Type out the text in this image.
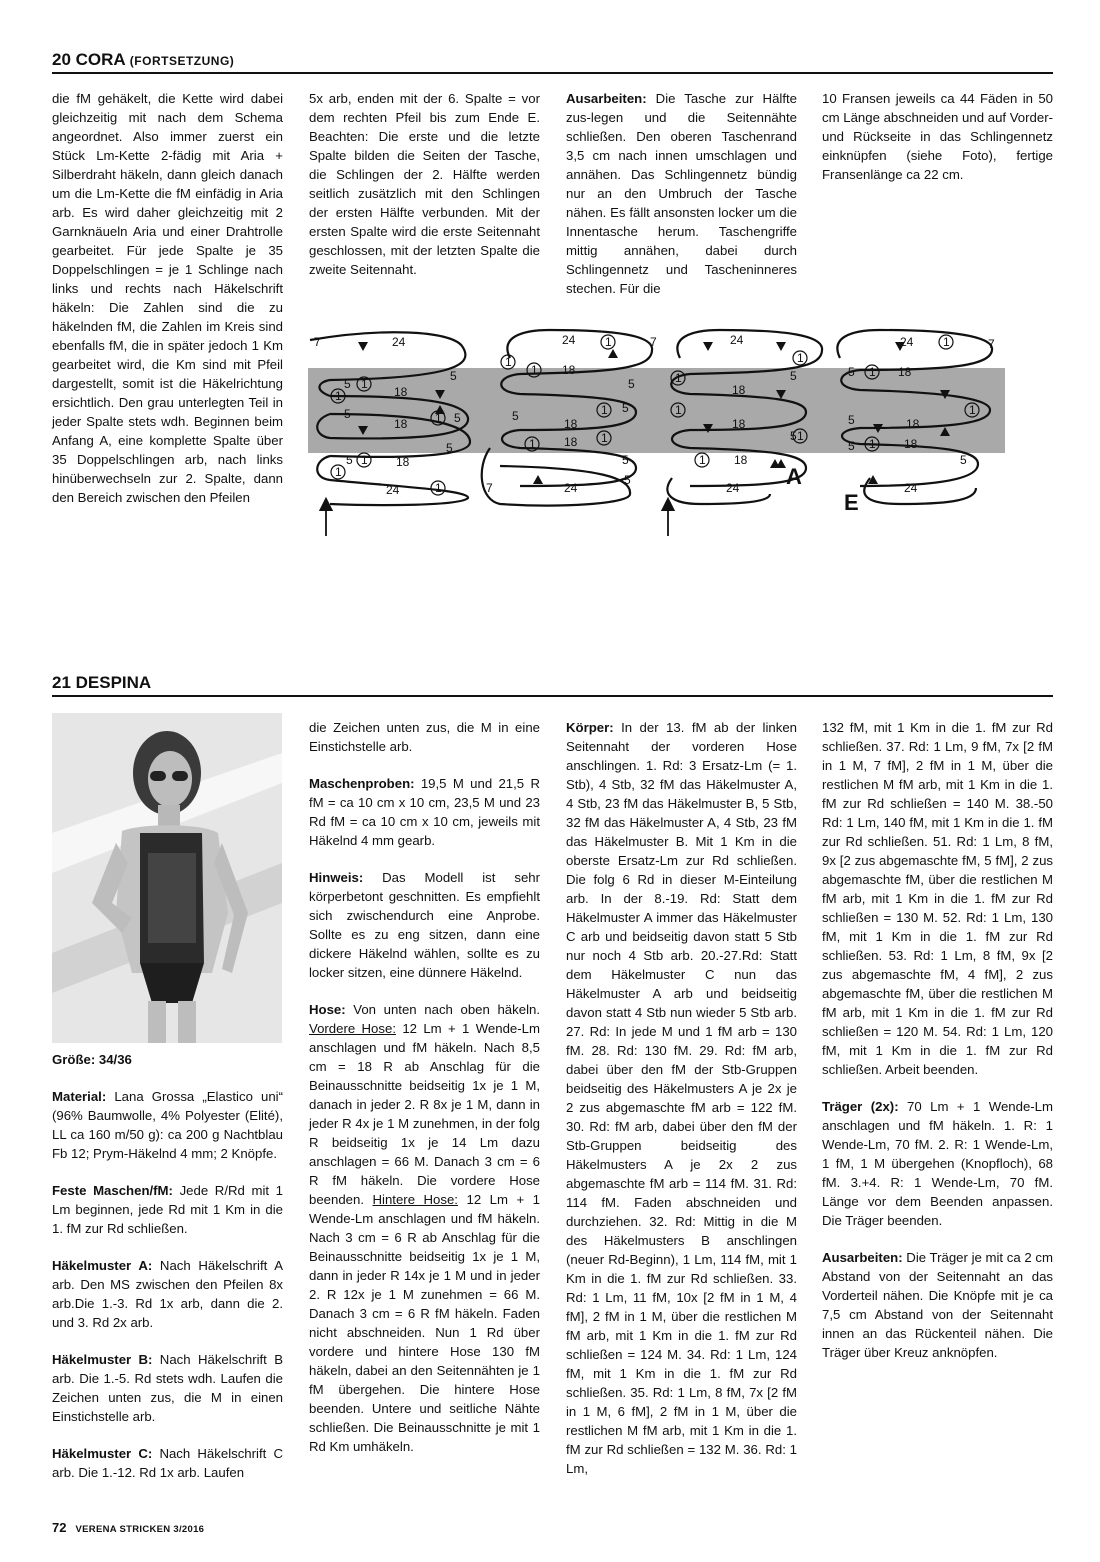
20 CORA (FORTSETZUNG)

die fM gehäkelt, die Kette wird dabei gleichzeitig mit nach dem Schema angeordnet. Also immer zuerst ein Stück Lm-Kette 2-fädig mit Aria + Silberdraht häkeln, dann gleich danach um die Lm-Kette die fM einfädig in Aria arb. Es wird daher gleichzeitig mit 2 Garnknäueln Aria und einer Drahtrolle gearbeitet. Für jede Spalte je 35 Doppelschlingen = je 1 Schlinge nach links und rechts nach Häkelschrift häkeln: Die Zahlen sind die zu häkelnden fM, die Zahlen im Kreis sind ebenfalls fM, die in später jedoch 1 Km gearbeitet wird, die Km sind mit Pfeil dargestellt, somit ist die Häkelrichtung ersichtlich. Den grau unterlegten Teil in jeder Spalte stets wdh. Beginnen beim Anfang A, eine komplette Spalte über 35 Doppelschlingen arb, nach links hinüberwechseln zur 2. Spalte, dann den Bereich zwischen den Pfeilen

5x arb, enden mit der 6. Spalte = vor dem rechten Pfeil bis zum Ende E. Beachten: Die erste und die letzte Spalte bilden die Seiten der Tasche, die Schlingen der 2. Hälfte werden seitlich zusätzlich mit den Schlingen der ersten Hälfte verbunden. Mit der ersten Spalte wird die erste Seitennaht geschlossen, mit der letzten Spalte die zweite Seitennaht.

Ausarbeiten: Die Tasche zur Hälfte zus-legen und die Seitennähte schließen. Den oberen Taschenrand 3,5 cm nach innen umschlagen und annähen. Das Schlingennetz bündig nur an den Umbruch der Tasche nähen. Es fällt ansonsten locker um die Innentasche herum. Taschengriffe mittig annähen, dabei durch Schlingennetz und Tascheninneres stechen. Für die

10 Fransen jeweils ca 44 Fäden in 50 cm Länge abschneiden und auf Vorder- und Rückseite in das Schlingennetz einknüpfen (siehe Foto), fertige Fransenlänge ca 22 cm.

7	24
5
5
18
5
18	5
5
5	18
24	7	24
5
5
24	7	24
18
5
5
5
18
18
18
5
18
5
18
24
24	7
18
5
5	18
5	18
5
24
1
1
1
1
1
1
1
1
1
1
1	1
1
1
1
1
1
1
1
1
1
A
E
21 DESPINA

Größe: 34/36

Material: Lana Grossa „Elastico uni“ (96% Baumwolle, 4% Polyester (Elité), LL ca 160 m/50 g): ca 200 g Nachtblau Fb 12; Prym-Häkelnd 4 mm; 2 Knöpfe.

Feste Maschen/fM: Jede R/Rd mit 1 Lm beginnen, jede Rd mit 1 Km in die 1. fM zur Rd schließen.

Häkelmuster A: Nach Häkelschrift A arb. Den MS zwischen den Pfeilen 8x arb.Die 1.-3. Rd 1x arb, dann die 2. und 3. Rd 2x arb.

Häkelmuster B: Nach Häkelschrift B arb. Die 1.-5. Rd stets wdh. Laufen die Zeichen unten zus, die M in einen Einstichstelle arb.

Häkelmuster C: Nach Häkelschrift C arb. Die 1.-12. Rd 1x arb. Laufen

die Zeichen unten zus, die M in eine Einstichstelle arb.

Maschenproben: 19,5 M und 21,5 R fM = ca 10 cm x 10 cm, 23,5 M und 23 Rd fM = ca 10 cm x 10 cm, jeweils mit Häkelnd 4 mm gearb.

Hinweis: Das Modell ist sehr körperbetont geschnitten. Es empfiehlt sich zwischendurch eine Anprobe. Sollte es zu eng sitzen, dann eine dickere Häkelnd wählen, sollte es zu locker sitzen, eine dünnere Häkelnd.

Hose: Von unten nach oben häkeln. Vordere Hose: 12 Lm + 1 Wende-Lm anschlagen und fM häkeln. Nach 8,5 cm = 18 R ab Anschlag für die Beinausschnitte beidseitig 1x je 1 M, danach in jeder 2. R 8x je 1 M, dann in jeder R 4x je 1 M zunehmen, in der folg R beidseitig 1x je 14 Lm dazu anschlagen = 66 M. Danach 3 cm = 6 R fM häkeln. Die vordere Hose beenden. Hintere Hose: 12 Lm + 1 Wende-Lm anschlagen und fM häkeln. Nach 3 cm = 6 R ab Anschlag für die Beinausschnitte beidseitig 1x je 1 M, dann in jeder R 14x je 1 M und in jeder 2. R 12x je 1 M zunehmen = 66 M. Danach 3 cm = 6 R fM häkeln. Faden nicht abschneiden. Nun 1 Rd über vordere und hintere Hose 130 fM häkeln, dabei an den Seitennähten je 1 fM übergehen. Die hintere Hose beenden. Untere und seitliche Nähte schließen. Die Beinausschnitte je mit 1 Rd Km umhäkeln.

Körper: In der 13. fM ab der linken Seitennaht der vorderen Hose anschlingen. 1. Rd: 3 Ersatz-Lm (= 1. Stb), 4 Stb, 32 fM das Häkelmuster A, 4 Stb, 23 fM das Häkelmuster B, 5 Stb, 32 fM das Häkelmuster A, 4 Stb, 23 fM das Häkelmuster B. Mit 1 Km in die oberste Ersatz-Lm zur Rd schließen. Die folg 6 Rd in dieser M-Einteilung arb. In der 8.-19. Rd: Statt dem Häkelmuster A immer das Häkelmuster C arb und beidseitig davon statt 5 Stb nur noch 4 Stb arb. 20.-27.Rd: Statt dem Häkelmuster C nun das Häkelmuster A arb und beidseitig davon statt 4 Stb nun wieder 5 Stb arb. 27. Rd: In jede M und 1 fM arb = 130 fM. 28. Rd: 130 fM. 29. Rd: fM arb, dabei über den fM der Stb-Gruppen beidseitig des Häkelmusters A je 2x je 2 zus abgemaschte fM arb = 122 fM. 30. Rd: fM arb, dabei über den fM der Stb-Gruppen beidseitig des Häkelmusters A je 2x 2 zus abgemaschte fM arb = 114 fM. 31. Rd: 114 fM. Faden abschneiden und durchziehen. 32. Rd: Mittig in die M des Häkelmusters B anschlingen (neuer Rd-Beginn), 1 Lm, 114 fM, mit 1 Km in die 1. fM zur Rd schließen. 33. Rd: 1 Lm, 11 fM, 10x [2 fM in 1 M, 4 fM], 2 fM in 1 M, über die restlichen M fM arb, mit 1 Km in die 1. fM zur Rd schließen = 124 M. 34. Rd: 1 Lm, 124 fM, mit 1 Km in die 1. fM zur Rd schließen. 35. Rd: 1 Lm, 8 fM, 7x [2 fM in 1 M, 6 fM], 2 fM in 1 M, über die restlichen M fM arb, mit 1 Km in die 1. fM zur Rd schließen = 132 M. 36. Rd: 1 Lm,

132 fM, mit 1 Km in die 1. fM zur Rd schließen. 37. Rd: 1 Lm, 9 fM, 7x [2 fM in 1 M, 7 fM], 2 fM in 1 M, über die restlichen M fM arb, mit 1 Km in die 1. fM zur Rd schließen = 140 M. 38.-50 Rd: 1 Lm, 140 fM, mit 1 Km in die 1. fM zur Rd schließen. 51. Rd: 1 Lm, 8 fM, 9x [2 zus abgemaschte fM, 5 fM], 2 zus abgemaschte fM, über die restlichen M fM arb, mit 1 Km in die 1. fM zur Rd schließen = 130 M. 52. Rd: 1 Lm, 130 fM, mit 1 Km in die 1. fM zur Rd schließen. 53. Rd: 1 Lm, 8 fM, 9x [2 zus abgemaschte fM, 4 fM], 2 zus abgemaschte fM, über die restlichen M fM arb, mit 1 Km in die 1. fM zur Rd schließen = 120 M. 54. Rd: 1 Lm, 120 fM, mit 1 Km in die 1. fM zur Rd schließen. Arbeit beenden.

Träger (2x): 70 Lm + 1 Wende-Lm anschlagen und fM häkeln. 1. R: 1 Wende-Lm, 70 fM. 2. R: 1 Wende-Lm, 1 fM, 1 M übergehen (Knopfloch), 68 fM. 3.+4. R: 1 Wende-Lm, 70 fM. Länge vor dem Beenden anpassen. Die Träger beenden.

Ausarbeiten: Die Träger je mit ca 2 cm Abstand von der Seitennaht an das Vorderteil nähen. Die Knöpfe mit je ca 7,5 cm Abstand von der Seitennaht innen an das Rückenteil nähen. Die Träger über Kreuz anknöpfen.

72 VERENA STRICKEN 3/2016
